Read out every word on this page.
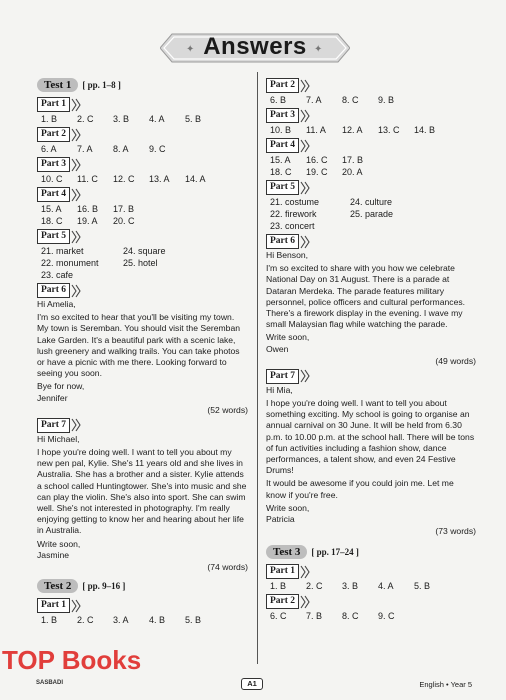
✦	✦
Answers
Test 1	[ pp. 1–8 ]
Part 1
1. B	2. C	3. B	4. A	5. B
Part 2
6. A	7. A	8. A	9. C
Part 3
10. C	11. C	12. C	13. A	14. A
Part 4
15. A	16. B	17. B
18. C	19. A	20. C
Part 5
21. market	24. square
22. monument	25. hotel
23. cafe
Part 6

Hi Amelia,

I'm so excited to hear that you'll be visiting my town. My town is Seremban. You should visit the Seremban Lake Garden. It's a beautiful park with a scenic lake, lush greenery and walking trails. You can take photos or have a picnic with me there. Looking forward to seeing you soon.

Bye for now,

Jennifer

(52 words)
Part 7

Hi Michael,

I hope you're doing well. I want to tell you about my new pen pal, Kylie. She's 11 years old and she lives in Australia. She has a brother and a sister. Kylie attends a school called Huntingtower. She's into music and she can play the violin. She's also into sport. She can swim well. She's not interested in photography. I'm really enjoying getting to know her and hearing about her life in Australia.

Write soon,

Jasmine

(74 words)
Test 2	[ pp. 9–16 ]
Part 1
1. B	2. C	3. A	4. B	5. B
Part 2
6. B	7. A	8. C	9. B
Part 3
10. B	11. A	12. A	13. C	14. B
Part 4
15. A	16. C	17. B
18. C	19. C	20. A
Part 5
21. costume	24. culture
22. firework	25. parade
23. concert
Part 6

Hi Benson,

I'm so excited to share with you how we celebrate National Day on 31 August. There is a parade at Dataran Merdeka. The parade features military personnel, police officers and cultural performances. There's a firework display in the evening. I wave my small Malaysian flag while watching the parade.

Write soon,

Owen

(49 words)
Part 7

Hi Mia,

I hope you're doing well. I want to tell you about something exciting. My school is going to organise an annual carnival on 30 June. It will be held from 6.30 p.m. to 10.00 p.m. at the school hall. There will be tons of fun activities including a fashion show, dance performances, a talent show, and even 24 Festive Drums!

It would be awesome if you could join me. Let me know if you're free.

Write soon,

Patricia

(73 words)
Test 3	[ pp. 17–24 ]
Part 1
1. B	2. C	3. B	4. A	5. B
Part 2
6. C	7. B	8. C	9. C
SASBADI	A1	English • Year 5
TOP Books
